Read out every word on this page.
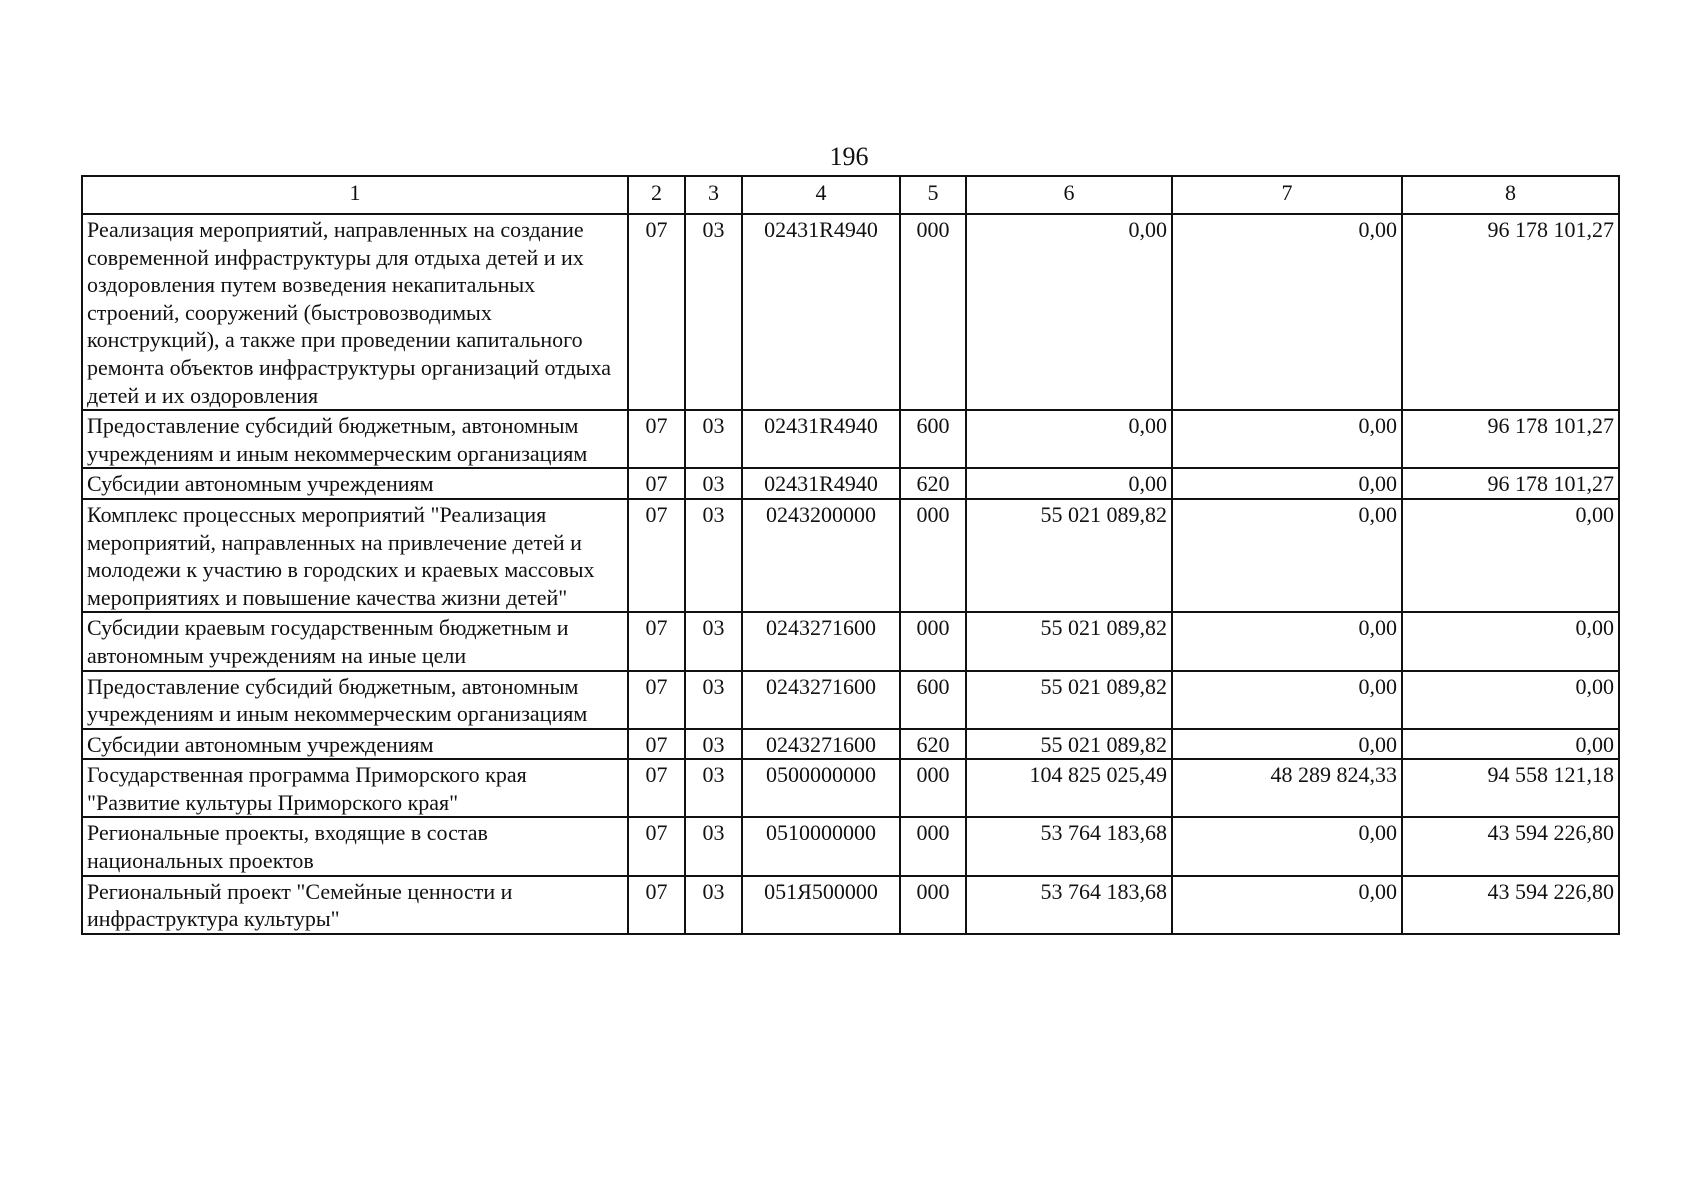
196
1	2	3	4	5	6	7	8
Реализация мероприятий, направленных на создание современной инфраструктуры для отдыха детей и их оздоровления путем возведения некапитальных строений, сооружений (быстровозводимых конструкций), а также при проведении капитального ремонта объектов инфраструктуры организаций отдыха детей и их оздоровления	07	03	02431R4940	000	0,00	0,00	96 178 101,27
Предоставление субсидий бюджетным, автономным учреждениям и иным некоммерческим организациям	07	03	02431R4940	600	0,00	0,00	96 178 101,27
Субсидии автономным учреждениям	07	03	02431R4940	620	0,00	0,00	96 178 101,27
Комплекс процессных мероприятий "Реализация мероприятий, направленных на привлечение детей и молодежи к участию в городских и краевых массовых мероприятиях и повышение качества жизни детей"	07	03	0243200000	000	55 021 089,82	0,00	0,00
Субсидии краевым государственным бюджетным и автономным учреждениям на иные цели	07	03	0243271600	000	55 021 089,82	0,00	0,00
Предоставление субсидий бюджетным, автономным учреждениям и иным некоммерческим организациям	07	03	0243271600	600	55 021 089,82	0,00	0,00
Субсидии автономным учреждениям	07	03	0243271600	620	55 021 089,82	0,00	0,00
Государственная программа Приморского края "Развитие культуры Приморского края"	07	03	0500000000	000	104 825 025,49	48 289 824,33	94 558 121,18
Региональные проекты, входящие в состав национальных проектов	07	03	0510000000	000	53 764 183,68	0,00	43 594 226,80
Региональный проект "Семейные ценности и инфраструктура культуры"	07	03	051Я500000	000	53 764 183,68	0,00	43 594 226,80
